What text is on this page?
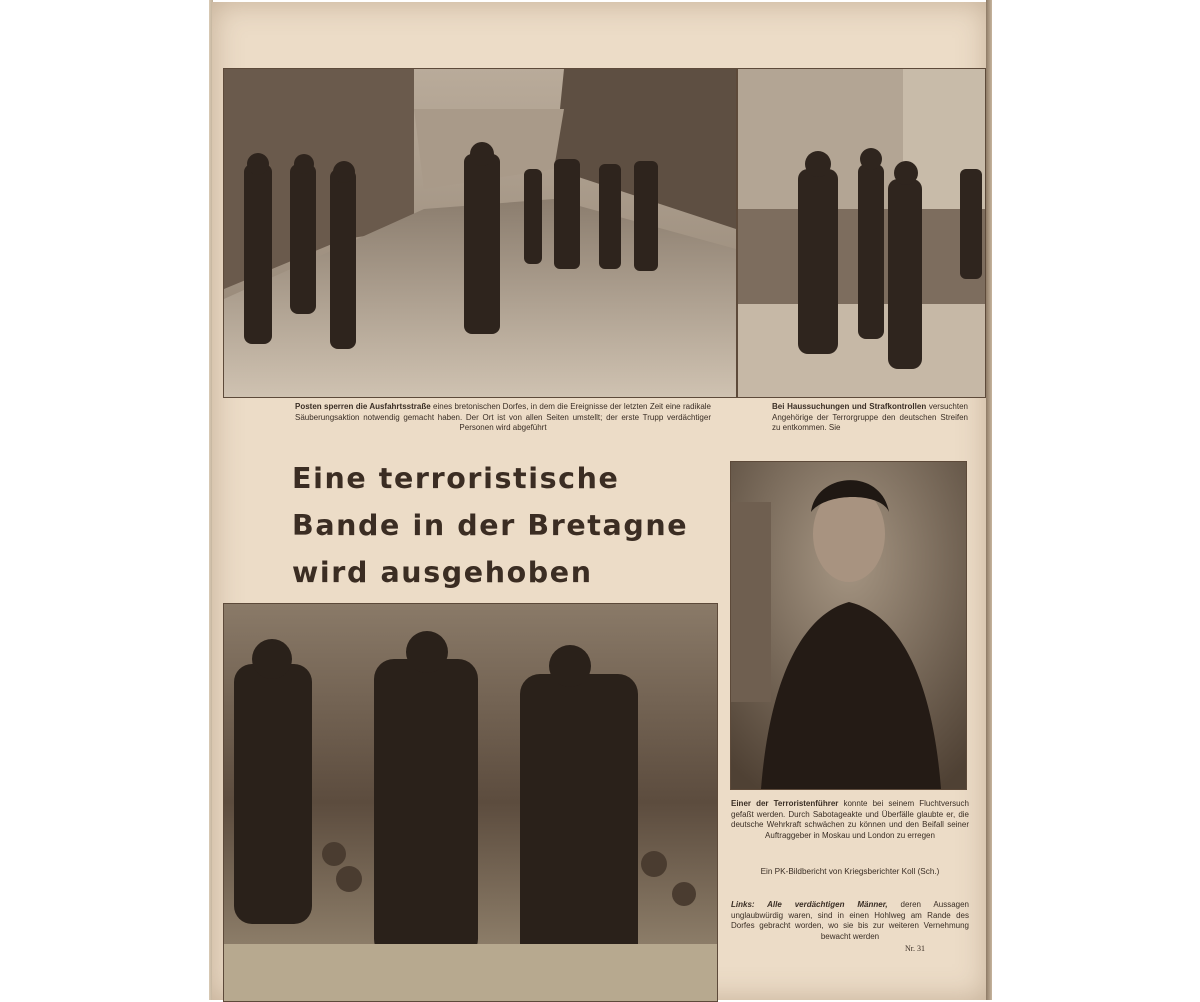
Posten sperren die Ausfahrtsstraße eines bretonischen Dorfes, in dem die Ereignisse der letzten Zeit eine radikale Säuberungsaktion notwendig gemacht haben. Der Ort ist von allen Seiten umstellt; der erste Trupp verdächtiger Personen wird abgeführt
Bei Haussuchungen und Strafkontrollen versuchten Angehörige der Terrorgruppe den deutschen Streifen zu entkommen. Sie
Eine terroristische
Bande in der Bretagne
wird ausgehoben
Einer der Terroristenführer konnte bei seinem Fluchtversuch gefaßt werden. Durch Sabotageakte und Überfälle glaubte er, die deutsche Wehrkraft schwächen zu können und den Beifall seiner Auftraggeber in Moskau und London zu erregen
Ein PK-Bildbericht von Kriegsberichter Koll (Sch.)
Links: Alle verdächtigen Männer, deren Aussagen unglaubwürdig waren, sind in einen Hohlweg am Rande des Dorfes gebracht worden, wo sie bis zur weiteren Vernehmung bewacht werden
Nr. 31
